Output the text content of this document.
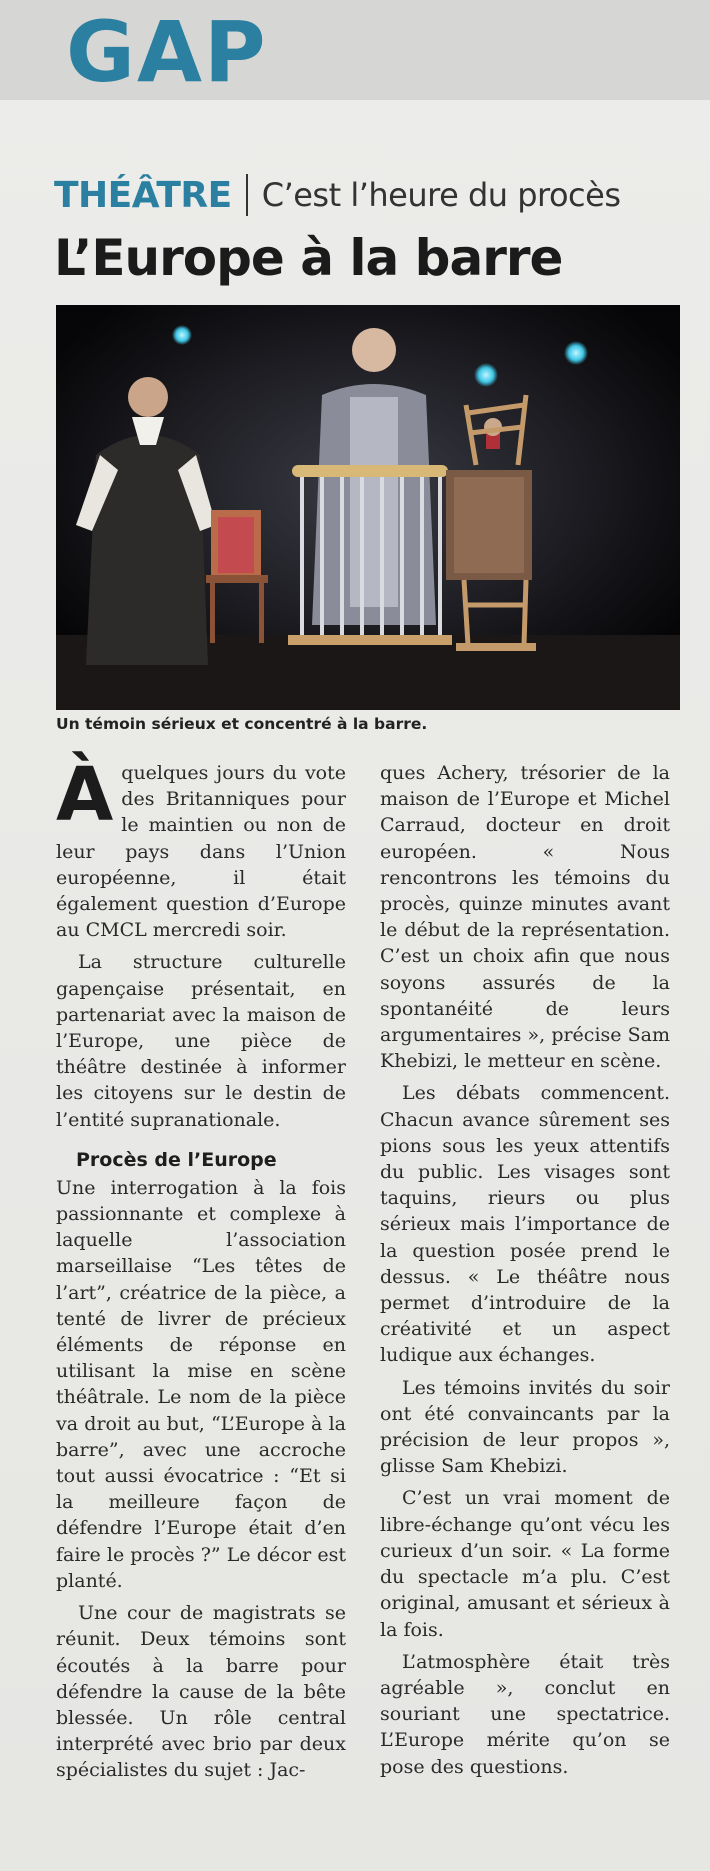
GAP
THÉÂTRE C’est l’heure du procès
L’Europe à la barre
Un témoin sérieux et concentré à la barre.

À quelques jours du vote des Britanniques pour le maintien ou non de leur pays dans l’Union européenne, il était également question d’Europe au CMCL mercredi soir.

La structure culturelle gapençaise présentait, en partenariat avec la maison de l’Europe, une pièce de théâtre destinée à informer les citoyens sur le destin de l’entité supranationale.

Procès de l’Europe

Une interrogation à la fois passionnante et complexe à laquelle l’association marseillaise “Les têtes de l’art”, créatrice de la pièce, a tenté de livrer de précieux éléments de réponse en utilisant la mise en scène théâtrale. Le nom de la pièce va droit au but, “L’Europe à la barre”, avec une accroche tout aussi évocatrice : “Et si la meilleure façon de défendre l’Europe était d’en faire le procès ?” Le décor est planté.

Une cour de magistrats se réunit. Deux témoins sont écoutés à la barre pour défendre la cause de la bête blessée. Un rôle central interprété avec brio par deux spécialistes du sujet : Jac-

ques Achery, trésorier de la maison de l’Europe et Michel Carraud, docteur en droit européen. « Nous rencontrons les témoins du procès, quinze minutes avant le début de la représentation. C’est un choix afin que nous soyons assurés de la spontanéité de leurs argumentaires », précise Sam Khebizi, le metteur en scène.

Les débats commencent. Chacun avance sûrement ses pions sous les yeux attentifs du public. Les visages sont taquins, rieurs ou plus sérieux mais l’importance de la question posée prend le dessus. « Le théâtre nous permet d’introduire de la créativité et un aspect ludique aux échanges.

Les témoins invités du soir ont été convaincants par la précision de leur propos », glisse Sam Khebizi.

C’est un vrai moment de libre-échange qu’ont vécu les curieux d’un soir. « La forme du spectacle m’a plu. C’est original, amusant et sérieux à la fois.

L’atmosphère était très agréable », conclut en souriant une spectatrice. L’Europe mérite qu’on se pose des questions.
